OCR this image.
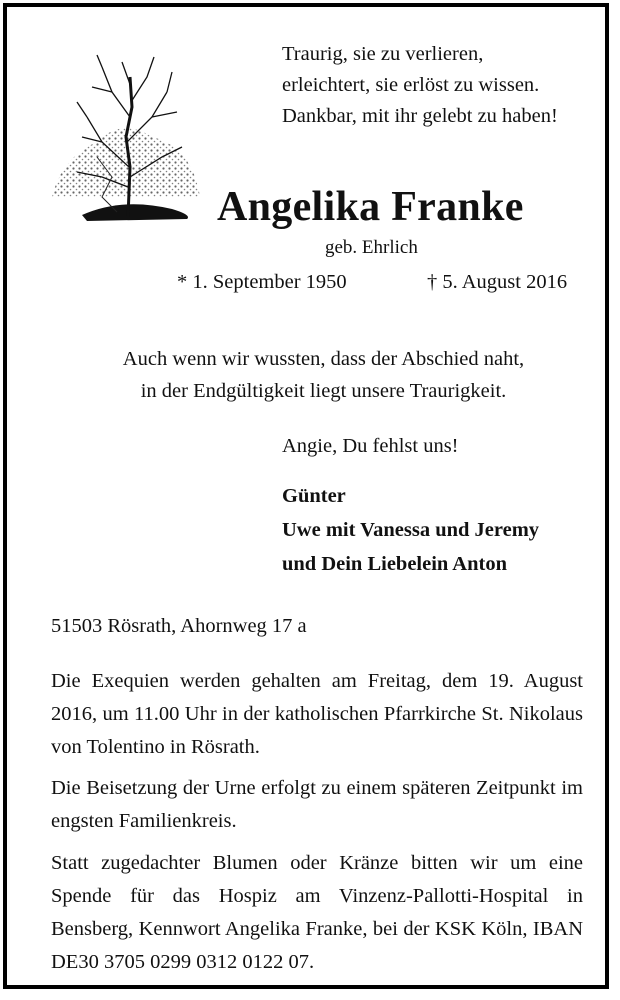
Traurig, sie zu verlieren,
erleichtert, sie erlöst zu wissen.
Dankbar, mit ihr gelebt zu haben!
Angelika Franke
geb. Ehrlich
* 1. September 1950	† 5. August 2016
Auch wenn wir wussten, dass der Abschied naht,
in der Endgültigkeit liegt unsere Traurigkeit.
Angie, Du fehlst uns!
Günter
Uwe mit Vanessa und Jeremy
und Dein Liebelein Anton
51503 Rösrath, Ahornweg 17 a
Die Exequien werden gehalten am Freitag, dem 19. August 2016, um 11.00 Uhr in der katholischen Pfarrkirche St. Nikolaus von Tolentino in Rösrath.
Die Beisetzung der Urne erfolgt zu einem späteren Zeitpunkt im engsten Familienkreis.
Statt zugedachter Blumen oder Kränze bitten wir um eine Spende für das Hospiz am Vinzenz-Pallotti-Hospital in Bensberg, Kennwort Angelika Franke, bei der KSK Köln, IBAN DE30 3705 0299 0312 0122 07.
